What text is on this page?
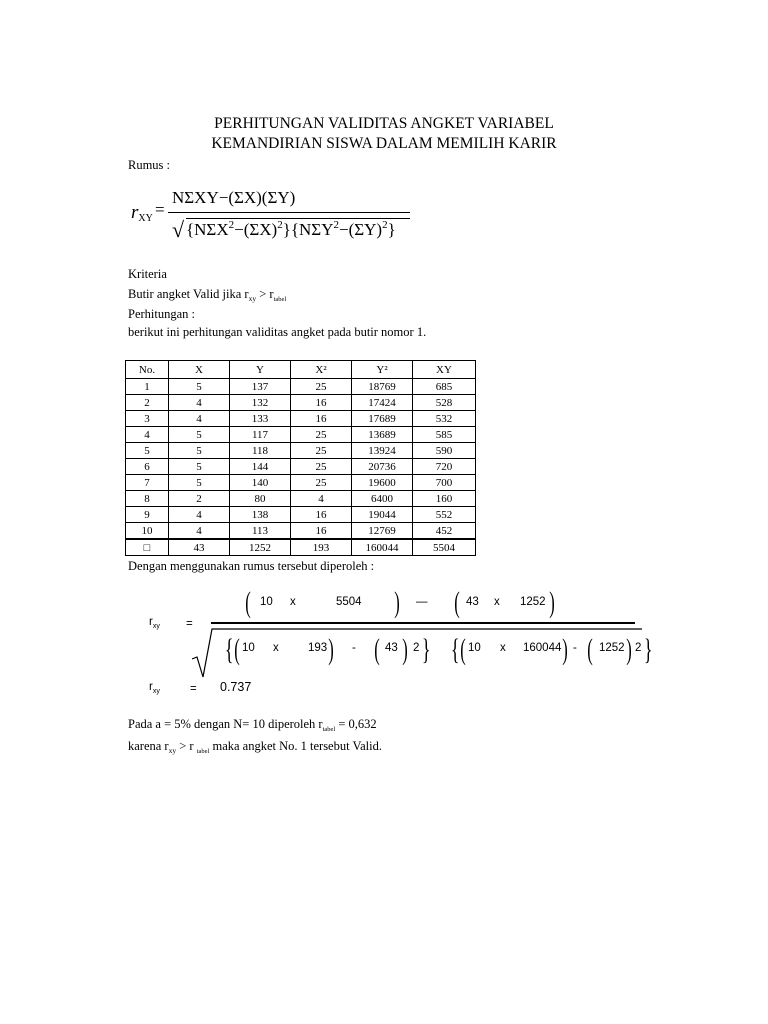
PERHITUNGAN VALIDITAS ANGKET VARIABEL
KEMANDIRIAN SISWA DALAM MEMILIH KARIR
Rumus :
rXY =
NΣXY−(ΣX)(ΣY)
√ $\{N\Sigma X^2-(\Sigma X)^2\}\{N\Sigma Y^2-(\Sigma Y)^2\}$
Kriteria
Butir angket Valid jika $r_{xy} > r_{tabel}$
Perhitungan :
berikut ini perhitungan validitas angket pada butir nomor 1.
No.	X	Y	X²	Y²	XY
1	5	137	25	18769	685
2	4	132	16	17424	528
3	4	133	16	17689	532
4	5	117	25	13689	585
5	5	118	25	13924	590
6	5	144	25	20736	720
7	5	140	25	19600	700
8	2	80	4	6400	160
9	4	138	16	19044	552
10	4	113	16	12769	452
□	43	1252	193	160044	5504
Dengan menggunakan rumus tersebut diperoleh :
$r_{xy}$ =
( 10 x	5504 ) — ( 43 x 1252 )
{ ( 10 x	193 ) - ( 43 ) 2 } { ( 10 x 160044 ) - ( 1252 ) 2 }
$r_{xy}$	= 0.737
Pada a = 5% dengan N= 10 diperoleh $r_{tabel} = 0,632$
karena $r_{xy} > r$ $_{tabel}$ maka angket No. 1 tersebut Valid.
